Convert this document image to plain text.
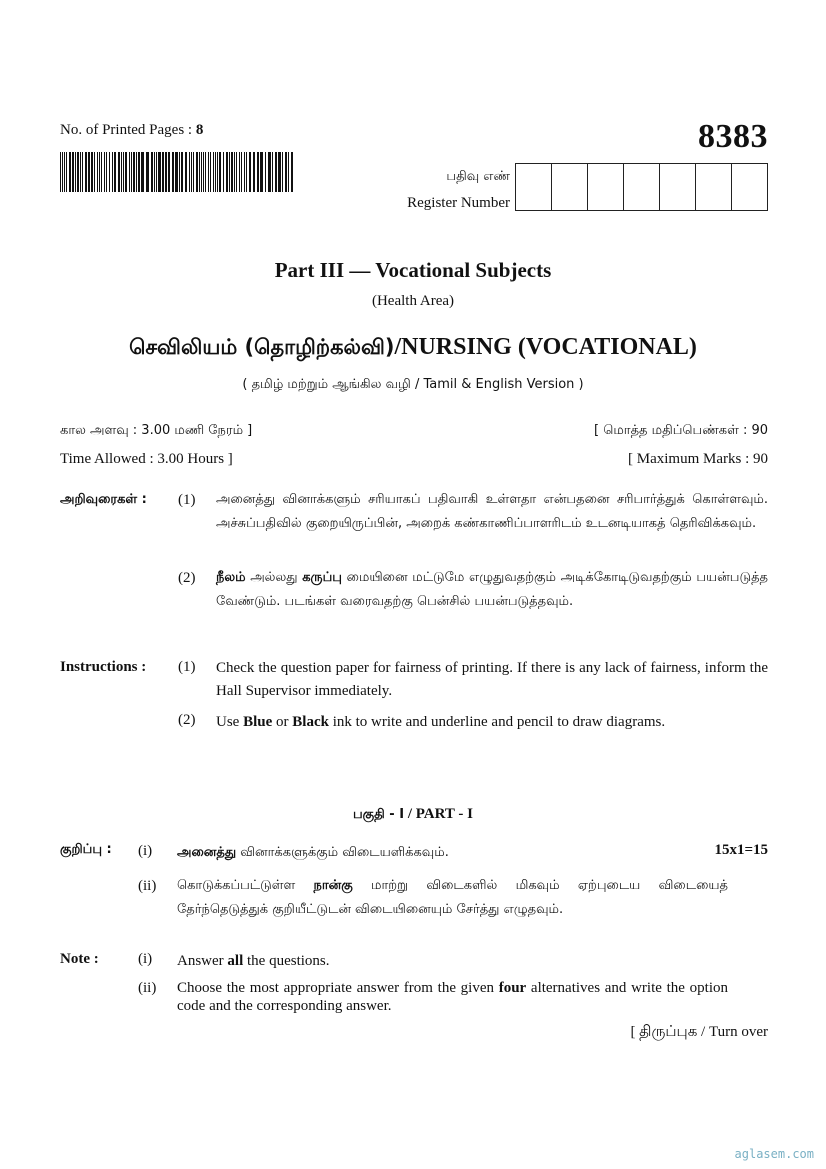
No. of Printed Pages : 8	8383
பதிவு எண்
Register Number
Part III — Vocational Subjects
(Health Area)
செவிலியம் (தொழிற்கல்வி)/NURSING (VOCATIONAL)
( தமிழ் மற்றும் ஆங்கில வழி / Tamil & English Version )
கால அளவு : 3.00 மணி நேரம் ]
Time Allowed : 3.00 Hours ]
[ மொத்த மதிப்பெண்கள் : 90
[ Maximum Marks : 90
அறிவுரைகள் : (1) அனைத்து வினாக்களும் சரியாகப் பதிவாகி உள்ளதா என்பதனை சரிபார்த்துக் கொள்ளவும். அச்சுப்பதிவில் குறையிருப்பின், அறைக் கண்காணிப்பாளரிடம் உடனடியாகத் தெரிவிக்கவும்.
(2) நீலம் அல்லது கருப்பு மையினை மட்டுமே எழுதுவதற்கும் அடிக்கோடிடுவதற்கும் பயன்படுத்த வேண்டும். படங்கள் வரைவதற்கு பென்சில் பயன்படுத்தவும்.
Instructions : (1) Check the question paper for fairness of printing. If there is any lack of fairness, inform the Hall Supervisor immediately.
(2) Use Blue or Black ink to write and underline and pencil to draw diagrams.
பகுதி - I / PART - I
குறிப்பு : (i) அனைத்து வினாக்களுக்கும் விடையளிக்கவும்.	15x1=15
(ii) கொடுக்கப்பட்டுள்ள நான்கு மாற்று விடைகளில் மிகவும் ஏற்புடைய விடையைத் தேர்ந்தெடுத்துக் குறியீட்டுடன் விடையினையும் சேர்த்து எழுதவும்.
Note :	(i) Answer all the questions.
(ii) Choose the most appropriate answer from the given four alternatives and write the option code and the corresponding answer.
[ திருப்புக / Turn over
aglasem.com
